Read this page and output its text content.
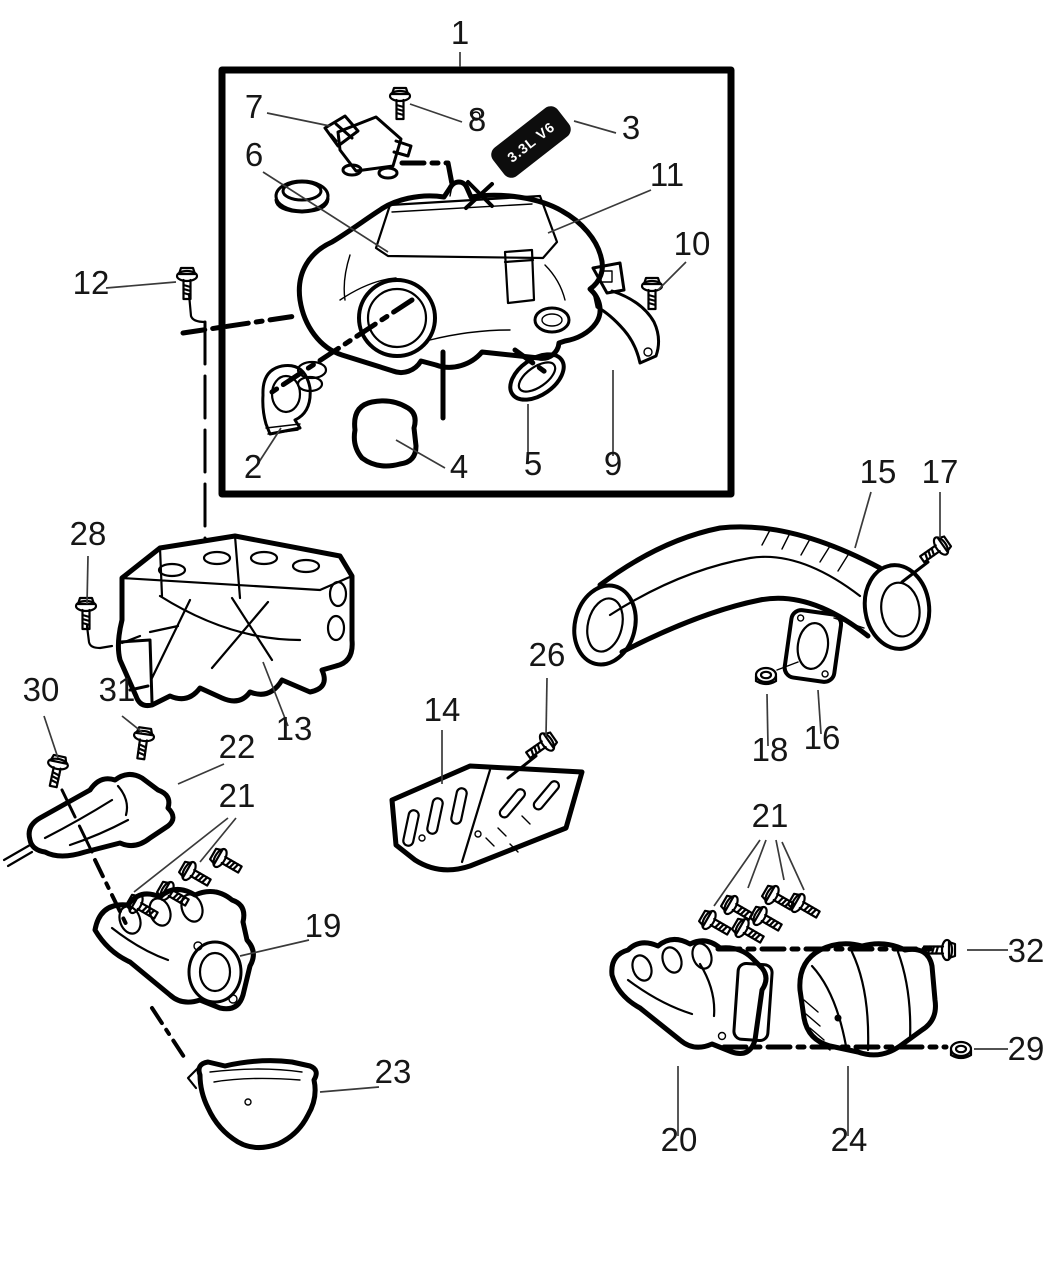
3.3L V6
1
2
3
4 5
6
7	8
9
10
11
12
13
14
15
16
17
18
19
20
21
21
22
23
24
26
28
29
30 31
32
